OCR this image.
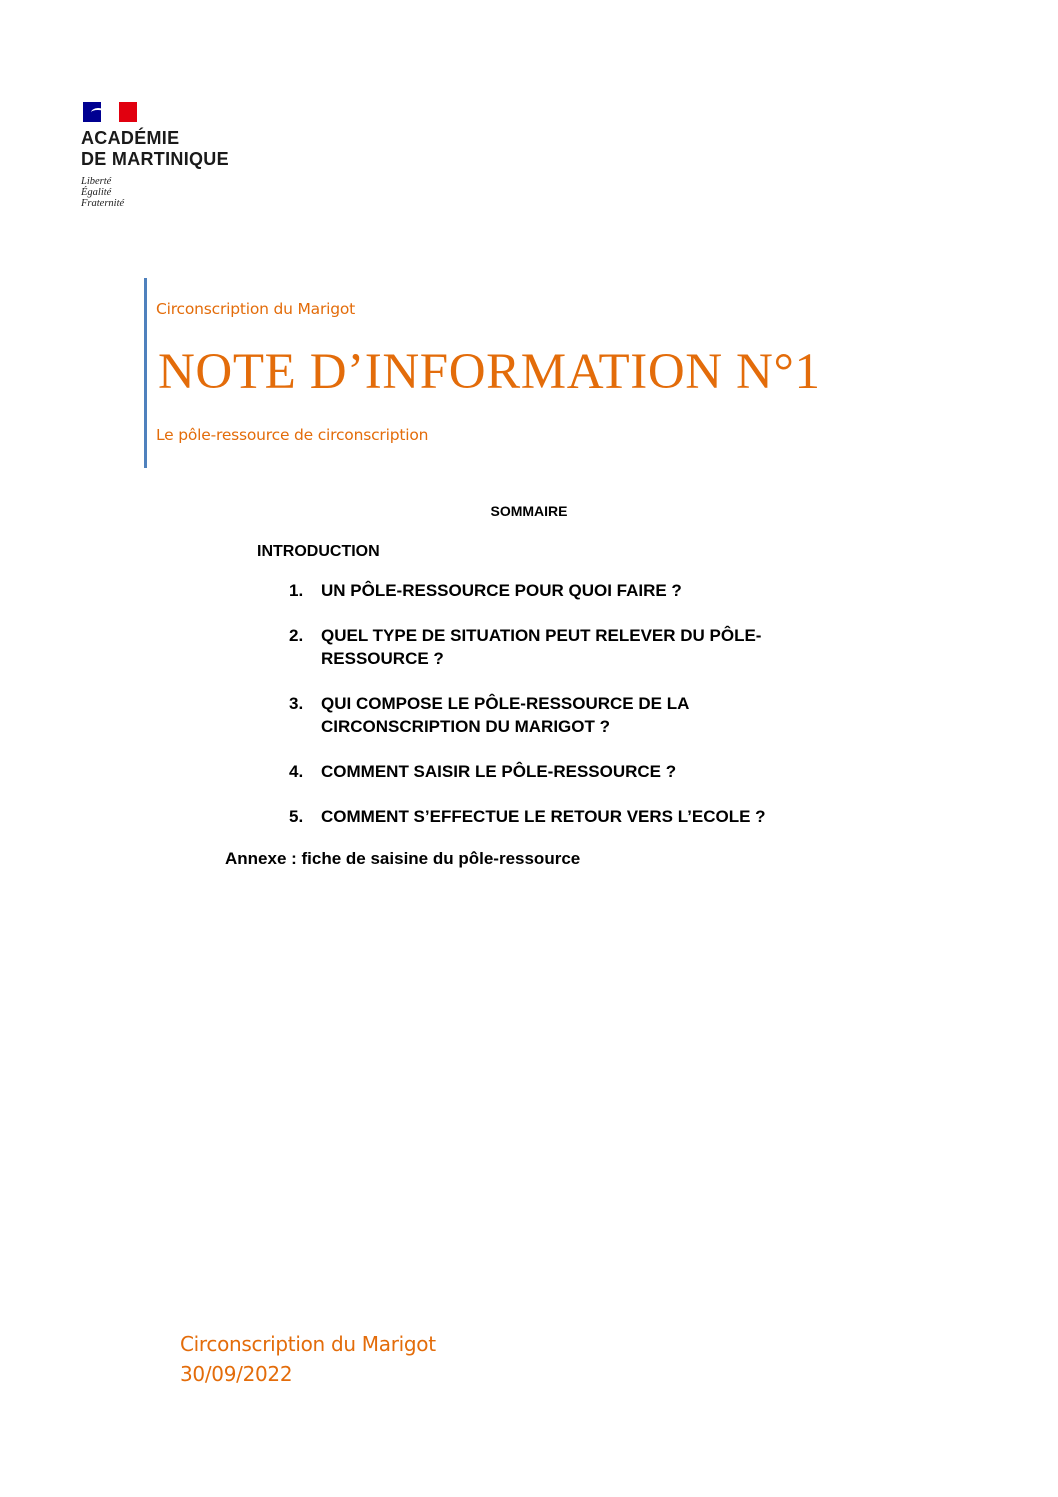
ACADÉMIE
DE MARTINIQUE
Liberté
Égalité
Fraternité
Circonscription du Marigot
NOTE D’INFORMATION N°1
Le pôle-ressource de circonscription
SOMMAIRE
INTRODUCTION
1.	UN PÔLE-RESSOURCE POUR QUOI FAIRE ?
2.	QUEL TYPE DE SITUATION PEUT RELEVER DU PÔLE-RESSOURCE ?
3.	QUI COMPOSE LE PÔLE-RESSOURCE DE LA CIRCONSCRIPTION DU MARIGOT ?
4.	COMMENT SAISIR LE PÔLE-RESSOURCE ?
5.	COMMENT S’EFFECTUE LE RETOUR VERS L’ECOLE ?
Annexe : fiche de saisine du pôle-ressource
Circonscription du Marigot
30/09/2022
